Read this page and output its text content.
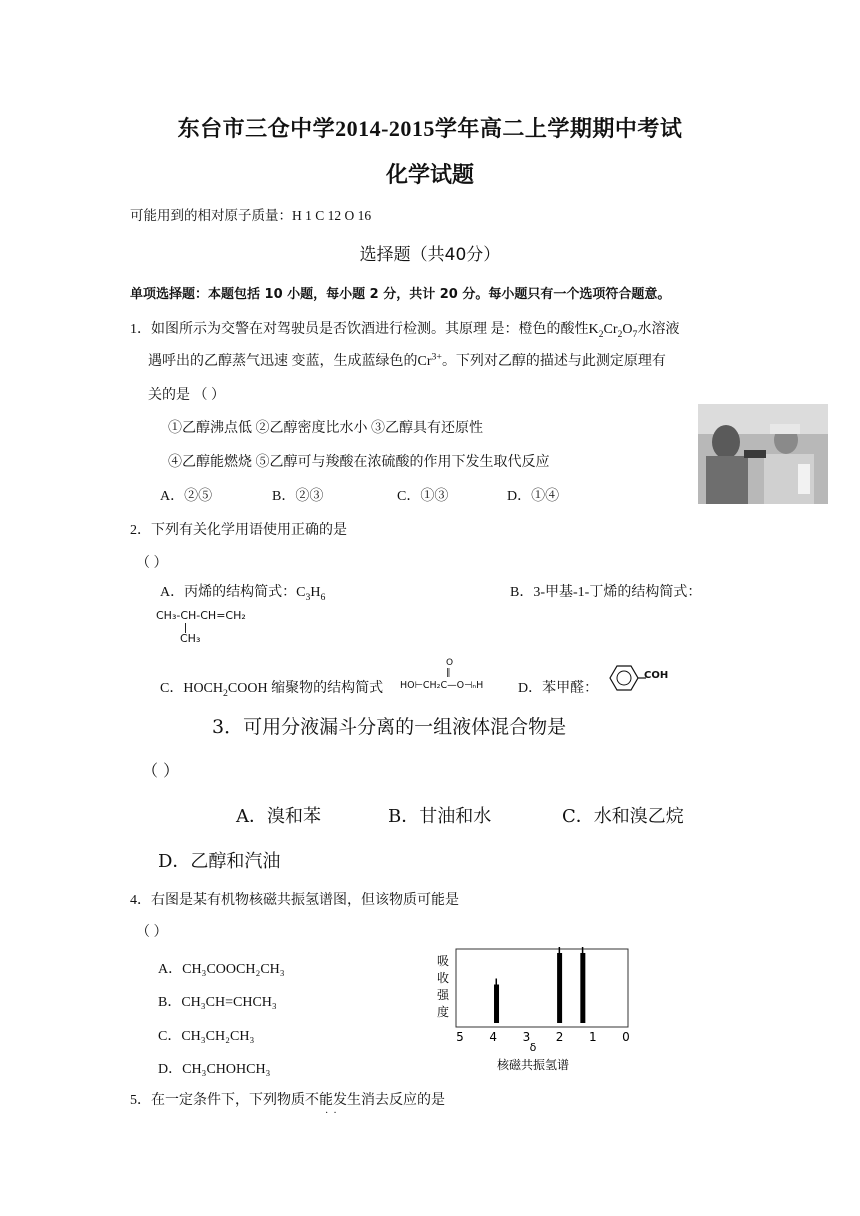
东台市三仓中学2014-2015学年高二上学期期中考试
化学试题
可能用到的相对原子质量：H 1 C 12 O 16
选择题（共40分）
单项选择题：本题包括 10 小题，每小题 2 分，共计 20 分。每小题只有一个选项符合题意。
1．如图所示为交警在对驾驶员是否饮酒进行检测。其原理 是：橙色的酸性$K_2Cr_2O_7$水溶液
遇呼出的乙醇蒸气迅速 变蓝，生成蓝绿色的$Cr^{3+}$。下列对乙醇的描述与此测定原理有
关的是 （ ）
①乙醇沸点低 ②乙醇密度比水小 ③乙醇具有还原性
④乙醇能燃烧 ⑤乙醇可与羧酸在浓硫酸的作用下发生取代反应
A．②⑤	B．②③	C．①③	D．①④
2．下列有关化学用语使用正确的是
（ ）
A．丙烯的结构简式：$C_3H_6$	B．3-甲基-1-丁烯的结构简式：
CH₃-CH-CH=CH₂
CH₃
C．$HOCH_2COOH$ 缩聚物的结构简式
O
‖
HO⊢CH₂C—O⊣ₙH D．苯甲醛：
COH
3．可用分液漏斗分离的一组液体混合物是
（ ）
A．溴和苯	B．甘油和水	C．水和溴乙烷
D．乙醇和汽油
4．右图是某有机物核磁共振氢谱图，但该物质可能是
（ ）
A．CH₃COOCH₂CH₃
B．CH₃CH=CHCH₃
C．CH₃CH₂CH₃
D．CH₃CHOHCH₃
吸
收
强
度
5 4 3 2 1 0
δ
核磁共振氢谱
5．在一定条件下，下列物质不能发生消去反应的是
··
